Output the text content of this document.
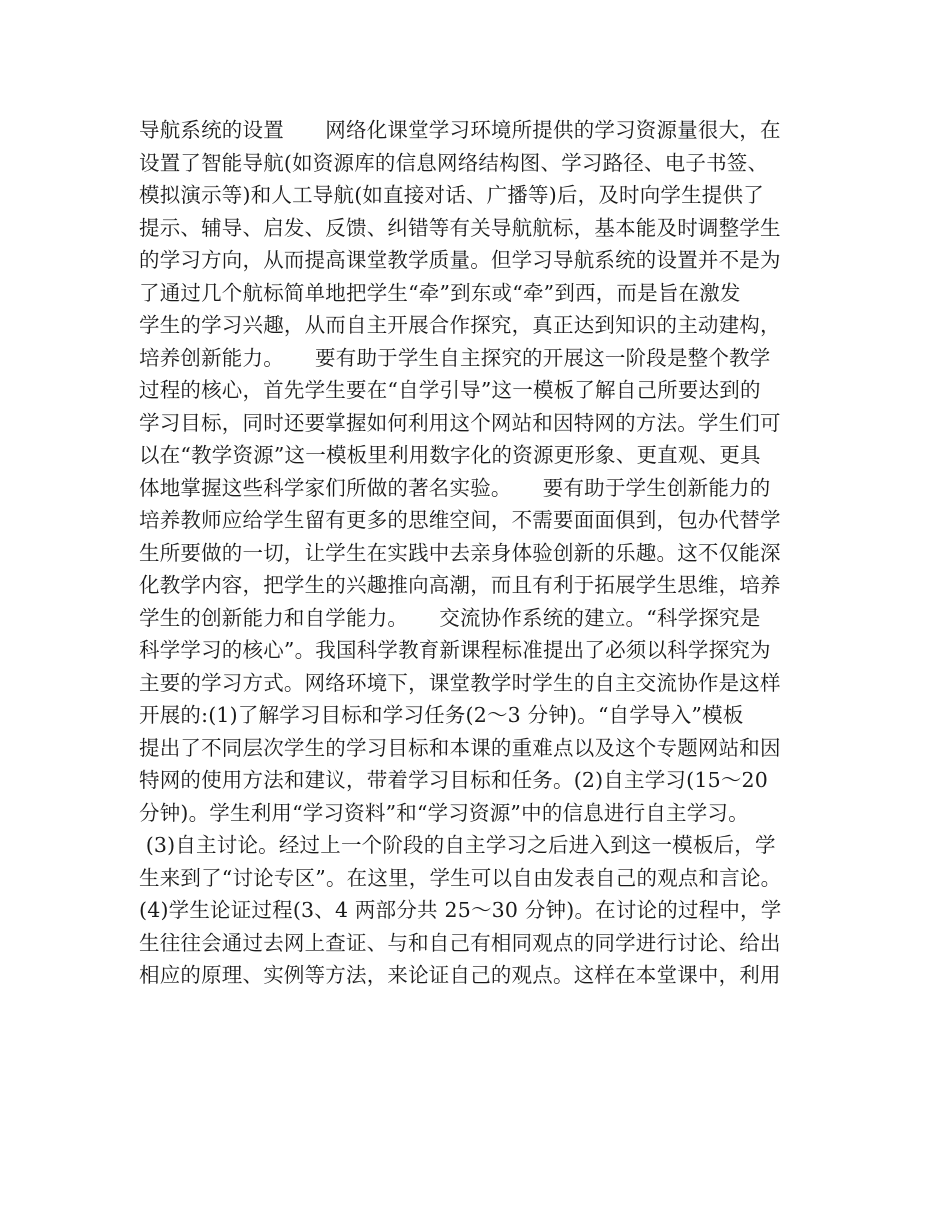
导航系统的设置　　网络化课堂学习环境所提供的学习资源量很大，在
设置了智能导航(如资源库的信息网络结构图、学习路径、电子书签、
模拟演示等)和人工导航(如直接对话、广播等)后，及时向学生提供了
提示、辅导、启发、反馈、纠错等有关导航航标，基本能及时调整学生
的学习方向，从而提高课堂教学质量。但学习导航系统的设置并不是为
了通过几个航标简单地把学生“牵”到东或“牵”到西，而是旨在激发
学生的学习兴趣，从而自主开展合作探究，真正达到知识的主动建构，
培养创新能力。　　要有助于学生自主探究的开展这一阶段是整个教学
过程的核心，首先学生要在“自学引导”这一模板了解自己所要达到的
学习目标，同时还要掌握如何利用这个网站和因特网的方法。学生们可
以在“教学资源”这一模板里利用数字化的资源更形象、更直观、更具
体地掌握这些科学家们所做的著名实验。　　要有助于学生创新能力的
培养教师应给学生留有更多的思维空间，不需要面面俱到，包办代替学
生所要做的一切，让学生在实践中去亲身体验创新的乐趣。这不仅能深
化教学内容，把学生的兴趣推向高潮，而且有利于拓展学生思维，培养
学生的创新能力和自学能力。　　交流协作系统的建立。“科学探究是
科学学习的核心”。我国科学教育新课程标准提出了必须以科学探究为
主要的学习方式。网络环境下，课堂教学时学生的自主交流协作是这样
开展的:(1)了解学习目标和学习任务(2～3 分钟)。“自学导入”模板
提出了不同层次学生的学习目标和本课的重难点以及这个专题网站和因
特网的使用方法和建议，带着学习目标和任务。(2)自主学习(15～20
分钟)。学生利用“学习资料”和“学习资源”中的信息进行自主学习。
(3)自主讨论。经过上一个阶段的自主学习之后进入到这一模板后，学
生来到了“讨论专区”。在这里，学生可以自由发表自己的观点和言论。
(4)学生论证过程(3、4 两部分共 25～30 分钟)。在讨论的过程中，学
生往往会通过去网上查证、与和自己有相同观点的同学进行讨论、给出
相应的原理、实例等方法，来论证自己的观点。这样在本堂课中，利用
